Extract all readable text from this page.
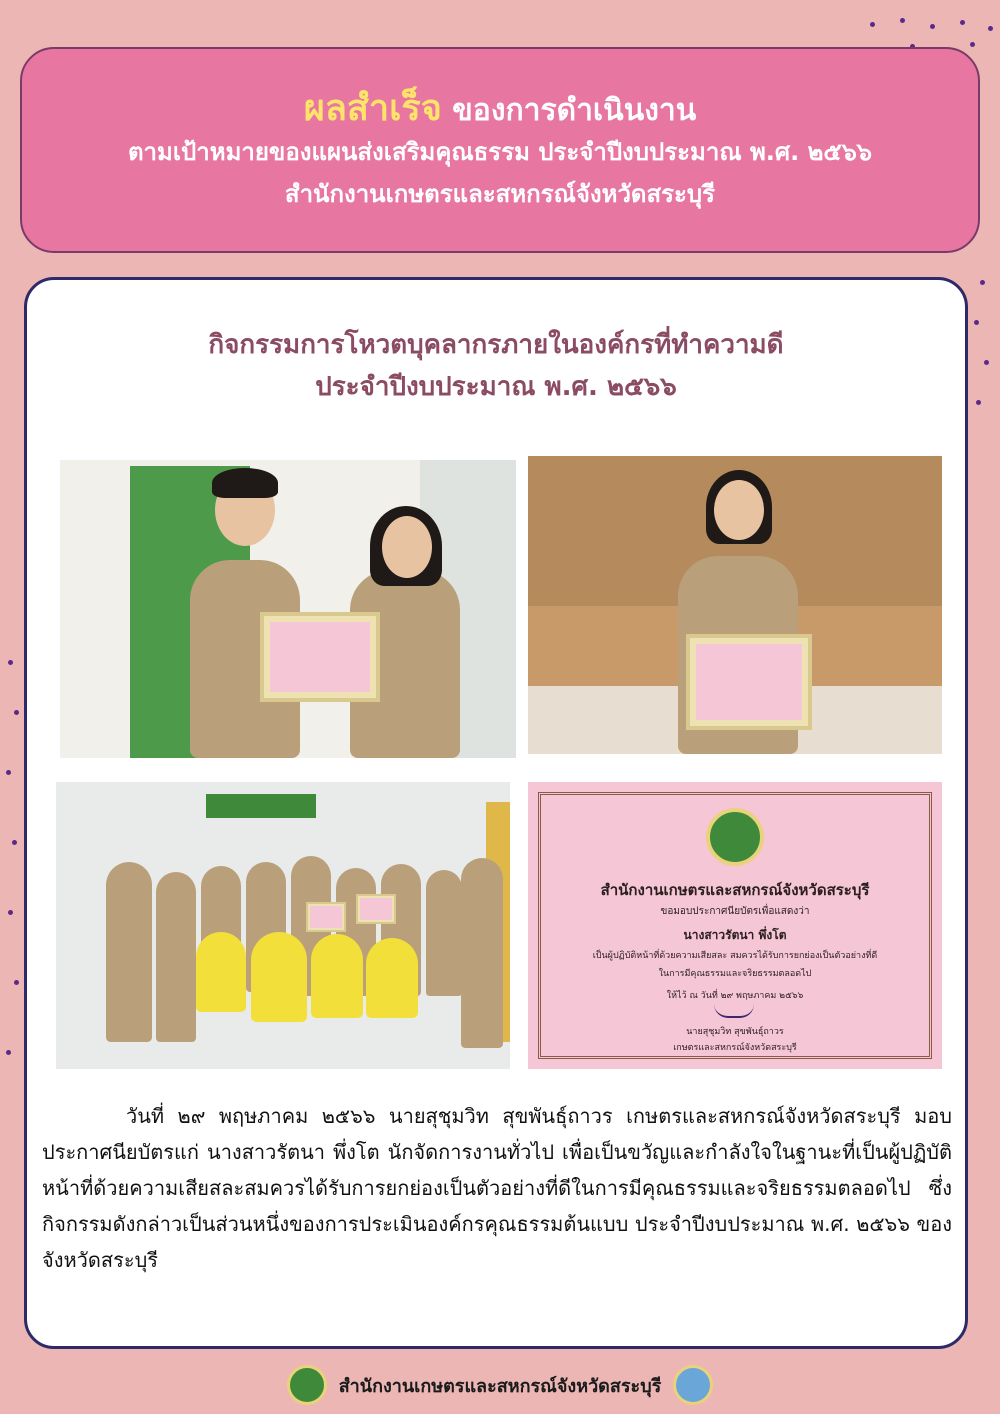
ผลสำเร็จ ของการดำเนินงาน
ตามเป้าหมายของแผนส่งเสริมคุณธรรม ประจำปีงบประมาณ พ.ศ. ๒๕๖๖
สำนักงานเกษตรและสหกรณ์จังหวัดสระบุรี
กิจกรรมการโหวตบุคลากรภายในองค์กรที่ทำความดี
ประจำปีงบประมาณ พ.ศ. ๒๕๖๖
สำนักงานเกษตรและสหกรณ์จังหวัดสระบุรี
ขอมอบประกาศนียบัตรเพื่อแสดงว่า
นางสาวรัตนา พึ่งโต
เป็นผู้ปฏิบัติหน้าที่ด้วยความเสียสละ สมควรได้รับการยกย่องเป็นตัวอย่างที่ดี
ในการมีคุณธรรมและจริยธรรมตลอดไป
ให้ไว้ ณ วันที่ ๒๙ พฤษภาคม ๒๕๖๖
นายสุชุมวิท สุขพันธุ์ถาวร
เกษตรและสหกรณ์จังหวัดสระบุรี
วันที่ ๒๙ พฤษภาคม ๒๕๖๖ นายสุชุมวิท สุขพันธุ์ถาวร เกษตรและสหกรณ์จังหวัดสระบุรี มอบประกาศนียบัตรแก่ นางสาวรัตนา พึ่งโต นักจัดการงานทั่วไป เพื่อเป็นขวัญและกำลังใจในฐานะที่เป็นผู้ปฏิบัติหน้าที่ด้วยความเสียสละสมควรได้รับการยกย่องเป็นตัวอย่างที่ดีในการมีคุณธรรมและจริยธรรมตลอดไป ซึ่งกิจกรรมดังกล่าวเป็นส่วนหนึ่งของการประเมินองค์กรคุณธรรมต้นแบบ ประจำปีงบประมาณ พ.ศ. ๒๕๖๖ ของจังหวัดสระบุรี
สำนักงานเกษตรและสหกรณ์จังหวัดสระบุรี
